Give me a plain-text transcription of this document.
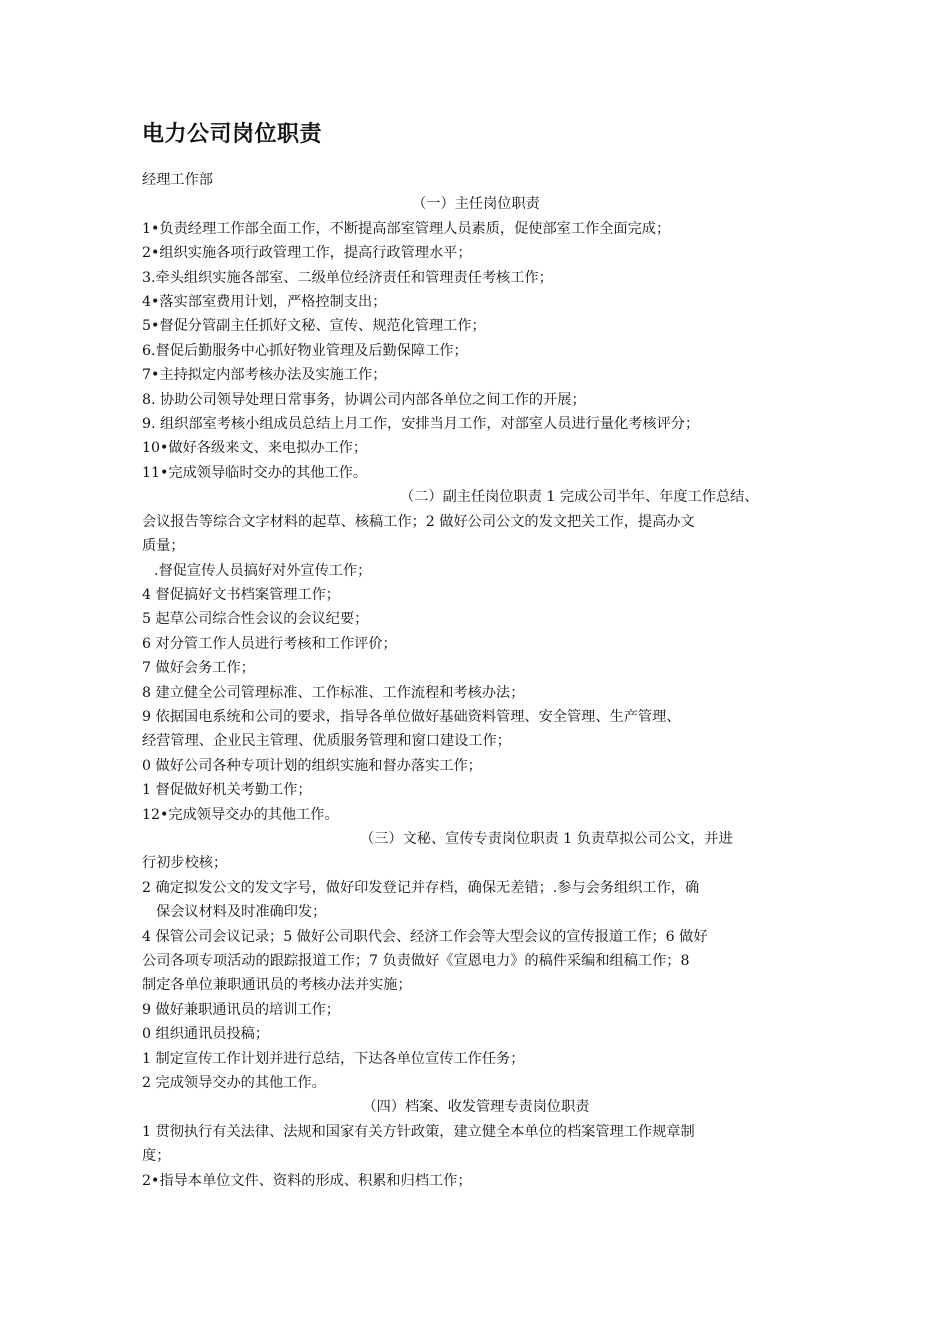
电力公司岗位职责
经理工作部
（一）主任岗位职责
1•负责经理工作部全面工作，不断提高部室管理人员素质，促使部室工作全面完成；
2•组织实施各项行政管理工作，提高行政管理水平；
3.牵头组织实施各部室、二级单位经济责任和管理责任考核工作；
4•落实部室费用计划，严格控制支出；
5•督促分管副主任抓好文秘、宣传、规范化管理工作；
6.督促后勤服务中心抓好物业管理及后勤保障工作；
7•主持拟定内部考核办法及实施工作；
8. 协助公司领导处理日常事务，协调公司内部各单位之间工作的开展；
9. 组织部室考核小组成员总结上月工作，安排当月工作，对部室人员进行量化考核评分；
10•做好各级来文、来电拟办工作；
11•完成领导临时交办的其他工作。
（二）副主任岗位职责 1 完成公司半年、年度工作总结、
会议报告等综合文字材料的起草、核稿工作；2 做好公司公文的发文把关工作，提高办文
质量；
.督促宣传人员搞好对外宣传工作；
4 督促搞好文书档案管理工作；
5 起草公司综合性会议的会议纪要；
6 对分管工作人员进行考核和工作评价；
7 做好会务工作；
8 建立健全公司管理标准、工作标准、工作流程和考核办法；
9 依据国电系统和公司的要求，指导各单位做好基础资料管理、安全管理、生产管理、
经营管理、企业民主管理、优质服务管理和窗口建设工作；
0 做好公司各种专项计划的组织实施和督办落实工作；
1 督促做好机关考勤工作；
12•完成领导交办的其他工作。
（三）文秘、宣传专责岗位职责 1 负责草拟公司公文，并进
行初步校核；
2 确定拟发公文的发文字号，做好印发登记并存档，确保无差错；.参与会务组织工作，确
保会议材料及时准确印发；
4 保管公司会议记录；5 做好公司职代会、经济工作会等大型会议的宣传报道工作；6 做好
公司各项专项活动的跟踪报道工作；7 负责做好《宣恩电力》的稿件采编和组稿工作；8
制定各单位兼职通讯员的考核办法并实施；
9 做好兼职通讯员的培训工作；
0 组织通讯员投稿；
1 制定宣传工作计划并进行总结，下达各单位宣传工作任务；
2 完成领导交办的其他工作。
（四）档案、收发管理专责岗位职责
1 贯彻执行有关法律、法规和国家有关方针政策，建立健全本单位的档案管理工作规章制
度；
2•指导本单位文件、资料的形成、积累和归档工作；
